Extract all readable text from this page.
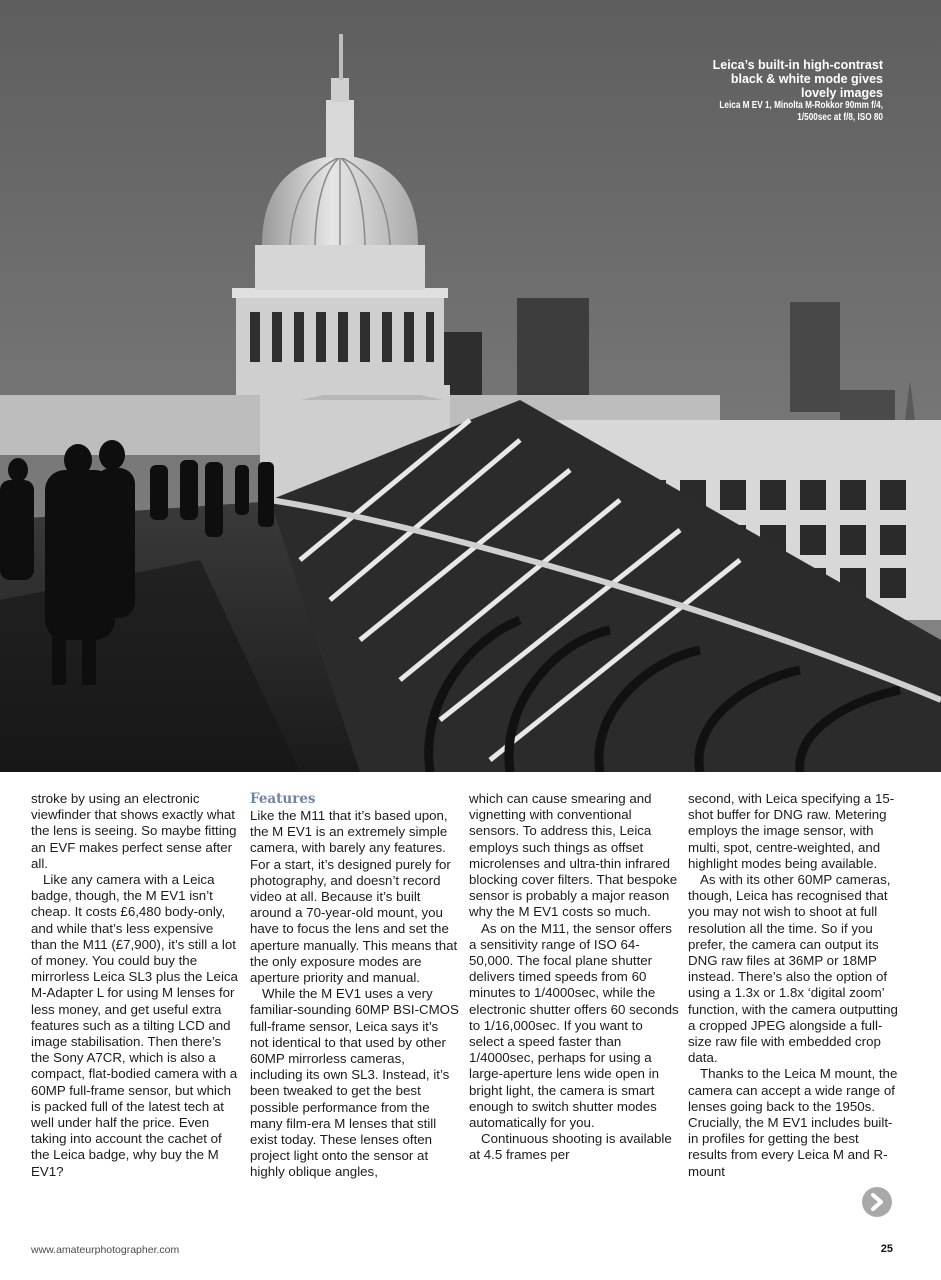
Leica’s built-in high-contrast
black & white mode gives
lovely images
Leica M EV 1, Minolta M-Rokkor 90mm f/4,
1/500sec at f/8, ISO 80

stroke by using an electronic viewfinder that shows exactly what the lens is seeing. So maybe fitting an EVF makes perfect sense after all.

Like any camera with a Leica badge, though, the M EV1 isn’t cheap. It costs £6,480 body-only, and while that’s less expensive than the M11 (£7,900), it’s still a lot of money. You could buy the mirrorless Leica SL3 plus the Leica M-Adapter L for using M lenses for less money, and get useful extra features such as a tilting LCD and image stabilisation. Then there’s the Sony A7CR, which is also a compact, flat-bodied camera with a 60MP full-frame sensor, but which is packed full of the latest tech at well under half the price. Even taking into account the cachet of the Leica badge, why buy the M EV1?

Features

Like the M11 that it’s based upon, the M EV1 is an extremely simple camera, with barely any features. For a start, it’s designed purely for photography, and doesn’t record video at all. Because it’s built around a 70-year-old mount, you have to focus the lens and set the aperture manually. This means that the only exposure modes are aperture priority and manual.

While the M EV1 uses a very familiar-sounding 60MP BSI-CMOS full-frame sensor, Leica says it’s not identical to that used by other 60MP mirrorless cameras, including its own SL3. Instead, it’s been tweaked to get the best possible performance from the many film-era M lenses that still exist today. These lenses often project light onto the sensor at highly oblique angles,

which can cause smearing and vignetting with conventional sensors. To address this, Leica employs such things as offset microlenses and ultra-thin infrared blocking cover filters. That bespoke sensor is probably a major reason why the M EV1 costs so much.

As on the M11, the sensor offers a sensitivity range of ISO 64-50,000. The focal plane shutter delivers timed speeds from 60 minutes to 1/4000sec, while the electronic shutter offers 60 seconds to 1/16,000sec. If you want to select a speed faster than 1/4000sec, perhaps for using a large-aperture lens wide open in bright light, the camera is smart enough to switch shutter modes automatically for you.

Continuous shooting is available at 4.5 frames per

second, with Leica specifying a 15-shot buffer for DNG raw. Metering employs the image sensor, with multi, spot, centre-weighted, and highlight modes being available.

As with its other 60MP cameras, though, Leica has recognised that you may not wish to shoot at full resolution all the time. So if you prefer, the camera can output its DNG raw files at 36MP or 18MP instead. There’s also the option of using a 1.3x or 1.8x ‘digital zoom’ function, with the camera outputting a cropped JPEG alongside a full-size raw file with embedded crop data.

Thanks to the Leica M mount, the camera can accept a wide range of lenses going back to the 1950s. Crucially, the M EV1 includes built-in profiles for getting the best results from every Leica M and R-mount

www.amateurphotographer.com	25
